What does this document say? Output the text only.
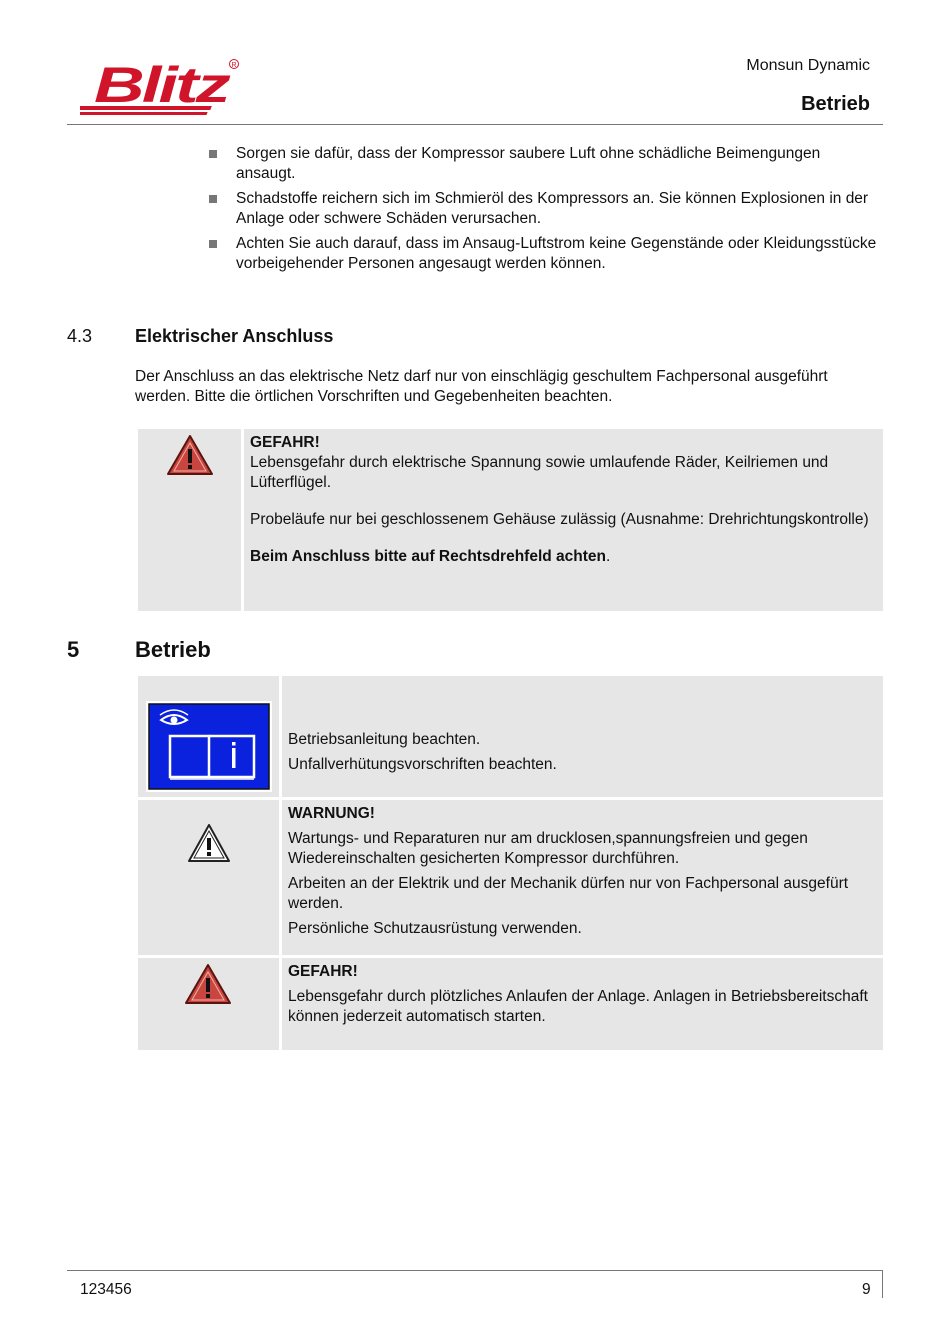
Blitz R	Monsun Dynamic
Betrieb
Sorgen sie dafür, dass der Kompressor saubere Luft ohne schädliche Beimengungen ansaugt.
Schadstoffe reichern sich im Schmieröl des Kompressors an. Sie können Explosionen in der Anlage oder schwere Schäden verursachen.
Achten Sie auch darauf, dass im Ansaug-Luftstrom keine Gegenstände oder Kleidungsstücke vorbeigehender Personen angesaugt werden können.
4.3 Elektrischer Anschluss
Der Anschluss an das elektrische Netz darf nur von einschlägig geschultem Fachpersonal ausgeführt werden. Bitte die örtlichen Vorschriften und Gegebenheiten beachten.

GEFAHR!

Lebensgefahr durch elektrische Spannung sowie umlaufende Räder, Keilriemen und Lüfterflügel.

Probeläufe nur bei geschlossenem Gehäuse zulässig (Ausnahme: Drehrichtungskontrolle)

Beim Anschluss bitte auf Rechtsdrehfeld achten.

5	Betrieb

Betriebsanleitung beachten.

Unfallverhütungsvorschriften beachten.

WARNUNG!

Wartungs- und Reparaturen nur am drucklosen,spannungsfreien und gegen Wiedereinschalten gesicherten Kompressor durchführen.

Arbeiten an der Elektrik und der Mechanik dürfen nur von Fachpersonal ausgefürt werden.

Persönliche Schutzausrüstung verwenden.

GEFAHR!

Lebensgefahr durch plötzliches Anlaufen der Anlage. Anlagen in Betriebsbereitschaft können jederzeit automatisch starten.

123456	9
